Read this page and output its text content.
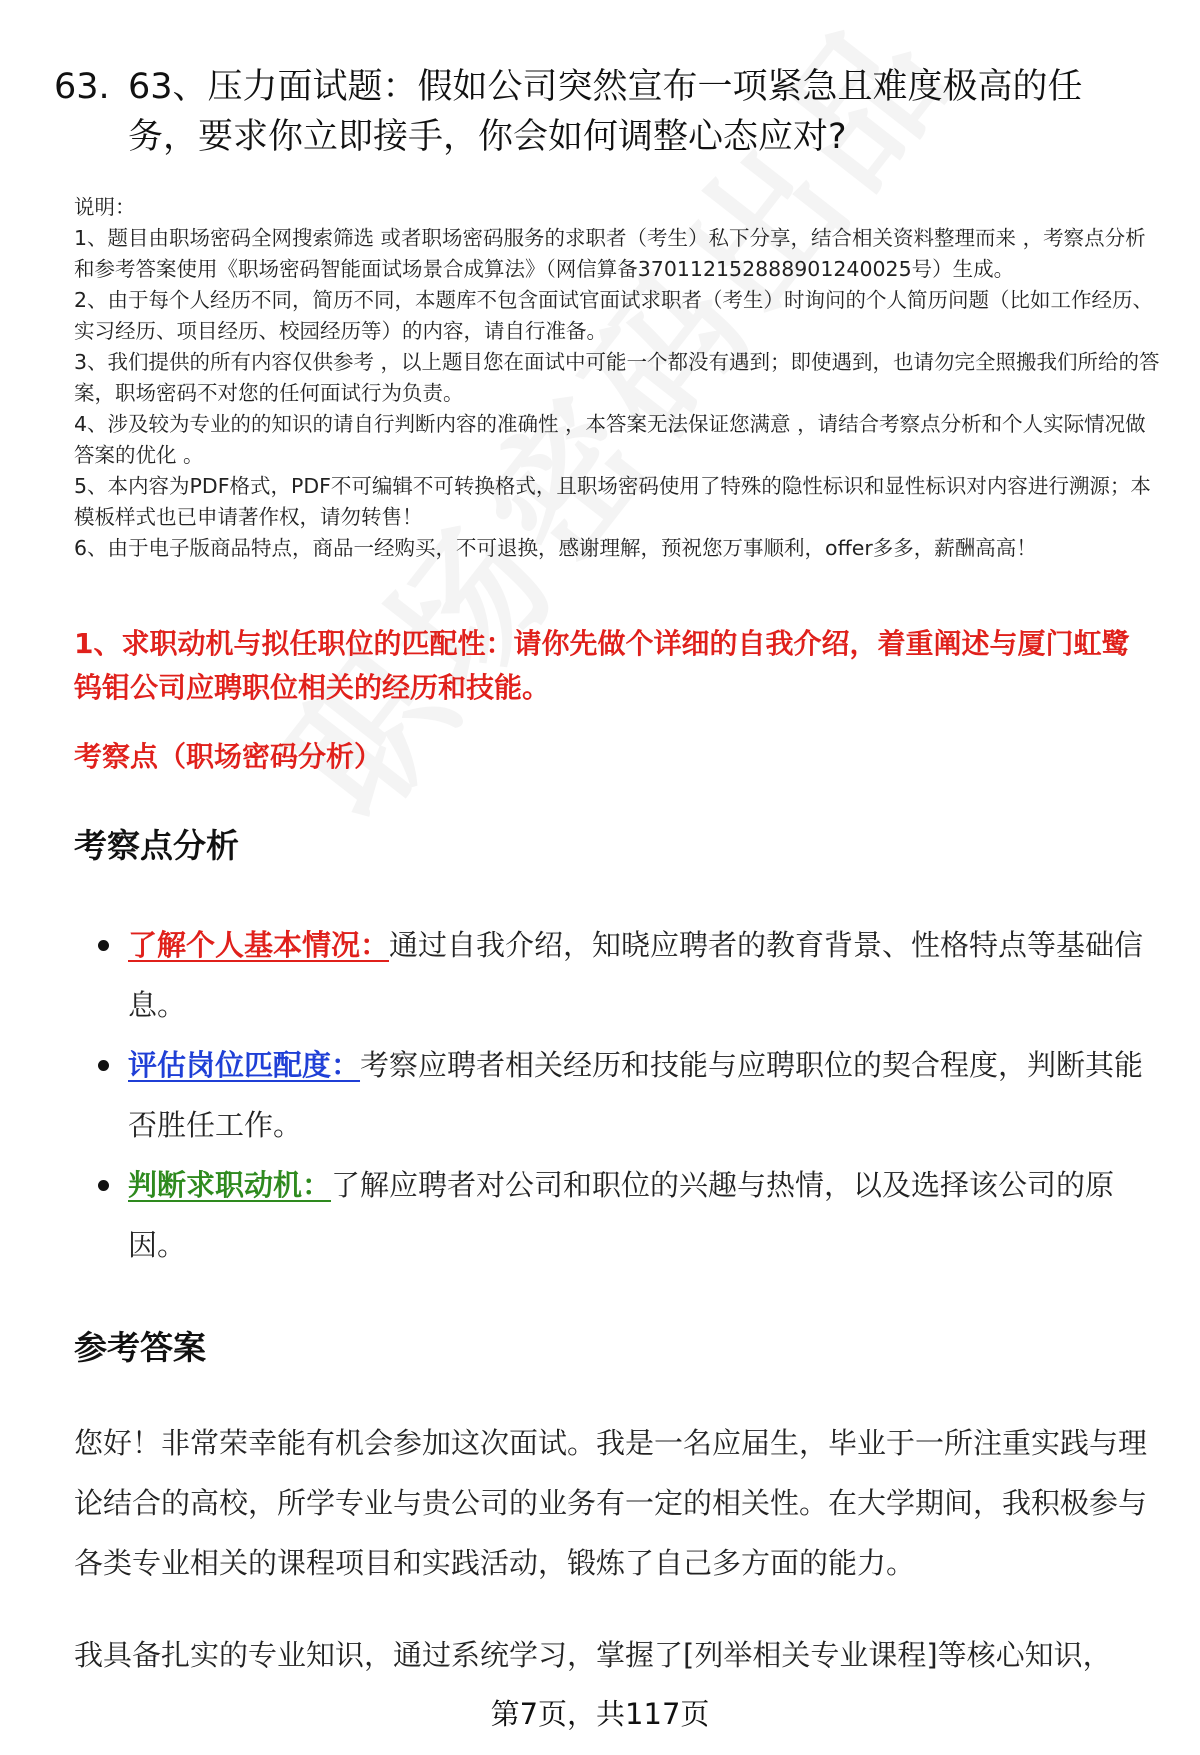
63. 63、压力面试题：假如公司突然宣布一项紧急且难度极高的任务，要求你立即接手，你会如何调整心态应对?

说明：

1、题目由职场密码全网搜索筛选 或者职场密码服务的求职者（考生）私下分享，结合相关资料整理而来 ，考察点分析和参考答案使用《职场密码智能面试场景合成算法》（网信算备370112152888901240025号）生成。

2、由于每个人经历不同，简历不同，本题库不包含面试官面试求职者（考生）时询问的个人简历问题（比如工作经历、实习经历、项目经历、校园经历等）的内容，请自行准备。

3、我们提供的所有内容仅供参考 ，以上题目您在面试中可能一个都没有遇到；即使遇到，也请勿完全照搬我们所给的答案，职场密码不对您的任何面试行为负责。

4、涉及较为专业的的知识的请自行判断内容的准确性 ，本答案无法保证您满意 ，请结合考察点分析和个人实际情况做答案的优化 。

5、本内容为PDF格式，PDF不可编辑不可转换格式，且职场密码使用了特殊的隐性标识和显性标识对内容进行溯源；本模板样式也已申请著作权，请勿转售！

6、由于电子版商品特点，商品一经购买，不可退换，感谢理解，预祝您万事顺利，offer多多，薪酬高高！

1、求职动机与拟任职位的匹配性：请你先做个详细的自我介绍，着重阐述与厦门虹鹭钨钼公司应聘职位相关的经历和技能。
考察点（职场密码分析）
考察点分析
了解个人基本情况：通过自我介绍，知晓应聘者的教育背景、性格特点等基础信息。
评估岗位匹配度：考察应聘者相关经历和技能与应聘职位的契合程度，判断其能否胜任工作。
判断求职动机：了解应聘者对公司和职位的兴趣与热情，以及选择该公司的原因。
参考答案

您好！非常荣幸能有机会参加这次面试。我是一名应届生，毕业于一所注重实践与理论结合的高校，所学专业与贵公司的业务有一定的相关性。在大学期间，我积极参与各类专业相关的课程项目和实践活动，锻炼了自己多方面的能力。

我具备扎实的专业知识，通过系统学习，掌握了[列举相关专业课程]等核心知识，

第7页，共117页
